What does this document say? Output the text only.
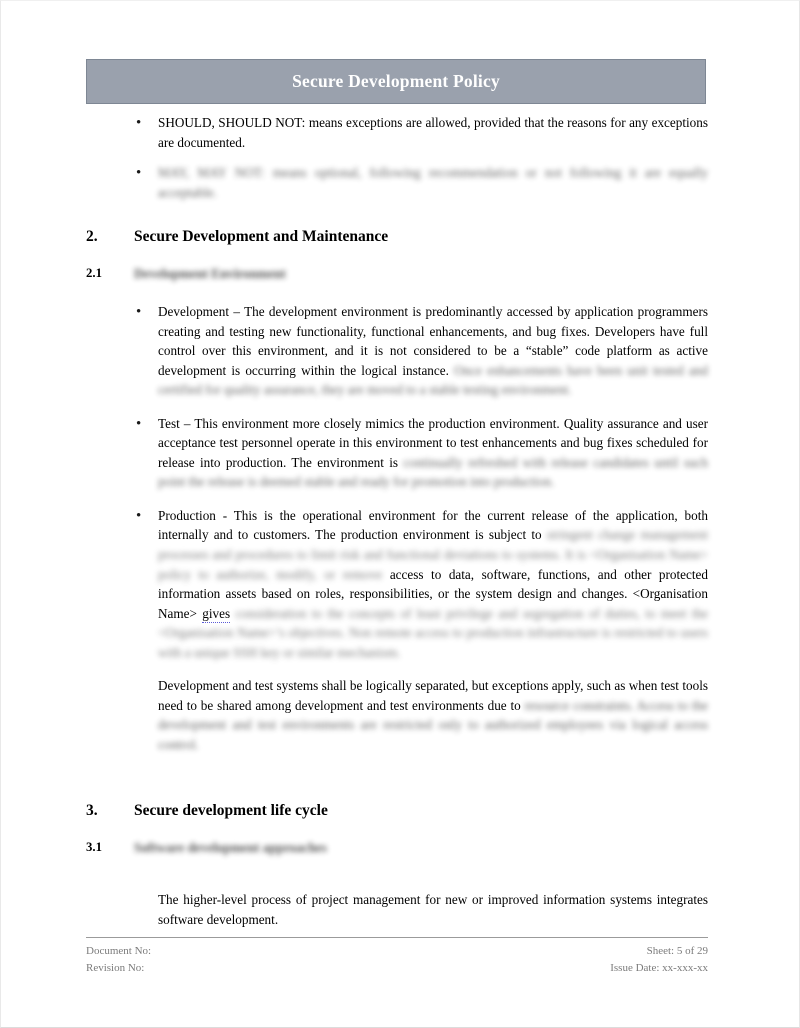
Secure Development Policy
• SHOULD, SHOULD NOT: means exceptions are allowed, provided that the reasons for any exceptions are documented.
• MAY, MAY NOT: means optional, following recommendation or not following it are equally acceptable.
2. Secure Development and Maintenance
2.1 Development Environment
• Development – The development environment is predominantly accessed by application programmers creating and testing new functionality, functional enhancements, and bug fixes. Developers have full control over this environment, and it is not considered to be a “stable” code platform as active development is occurring within the logical instance. Once enhancements have been unit tested and certified for quality assurance, they are moved to a stable testing environment.
• Test – This environment more closely mimics the production environment. Quality assurance and user acceptance test personnel operate in this environment to test enhancements and bug fixes scheduled for release into production. The environment is continually refreshed with release candidates until such point the release is deemed stable and ready for promotion into production.
• Production - This is the operational environment for the current release of the application, both internally and to customers. The production environment is subject to stringent change management processes and procedures to limit risk and functional deviations to systems. It is <Organisation Name> policy to authorize, modify, or remove access to data, software, functions, and other protected information assets based on roles, responsibilities, or the system design and changes. <Organisation Name> gives consideration to the concepts of least privilege and segregation of duties, to meet the <Organisation Name>’s objectives. Non remote access to production infrastructure is restricted to users with a unique SSH key or similar mechanism.
Development and test systems shall be logically separated, but exceptions apply, such as when test tools need to be shared among development and test environments due to resource constraints. Access to the development and test environments are restricted only to authorized employees via logical access control.
3. Secure development life cycle
3.1 Software development approaches

The higher-level process of project management for new or improved information systems integrates software development.

Document No:
Revision No:
Sheet: 5 of 29
Issue Date: xx-xxx-xx
